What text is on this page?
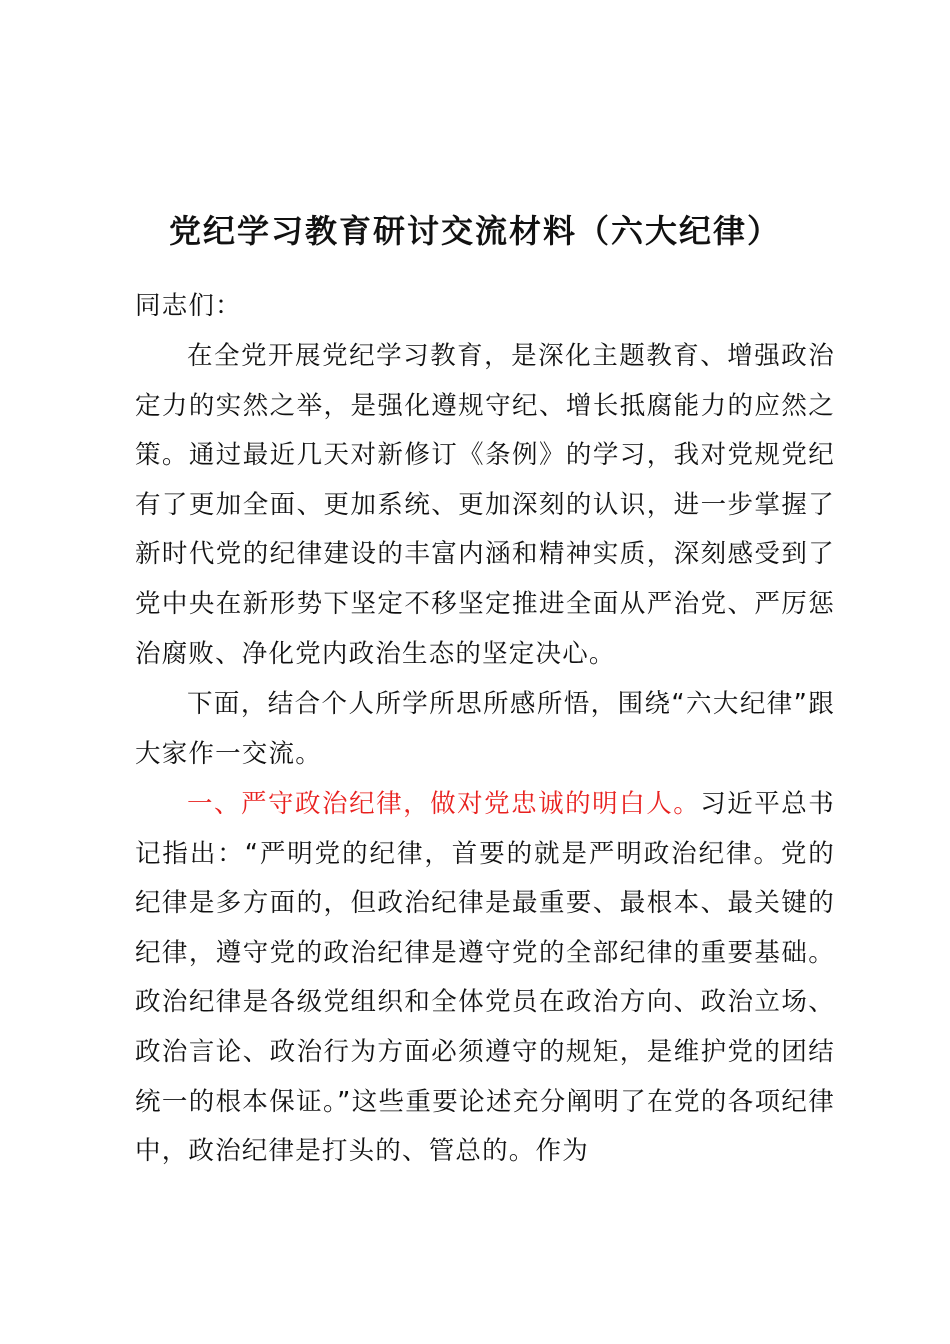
党纪学习教育研讨交流材料（六大纪律）
同志们：
在全党开展党纪学习教育，是深化主题教育、增强政治定力的实然之举，是强化遵规守纪、增长抵腐能力的应然之策。通过最近几天对新修订《条例》的学习，我对党规党纪有了更加全面、更加系统、更加深刻的认识，进一步掌握了新时代党的纪律建设的丰富内涵和精神实质，深刻感受到了党中央在新形势下坚定不移坚定推进全面从严治党、严厉惩治腐败、净化党内政治生态的坚定决心。
下面，结合个人所学所思所感所悟，围绕“六大纪律”跟大家作一交流。
一、严守政治纪律，做对党忠诚的明白人。习近平总书记指出：“严明党的纪律，首要的就是严明政治纪律。党的纪律是多方面的，但政治纪律是最重要、最根本、最关键的纪律，遵守党的政治纪律是遵守党的全部纪律的重要基础。政治纪律是各级党组织和全体党员在政治方向、政治立场、政治言论、政治行为方面必须遵守的规矩，是维护党的团结统一的根本保证。”这些重要论述充分阐明了在党的各项纪律中，政治纪律是打头的、管总的。作为
